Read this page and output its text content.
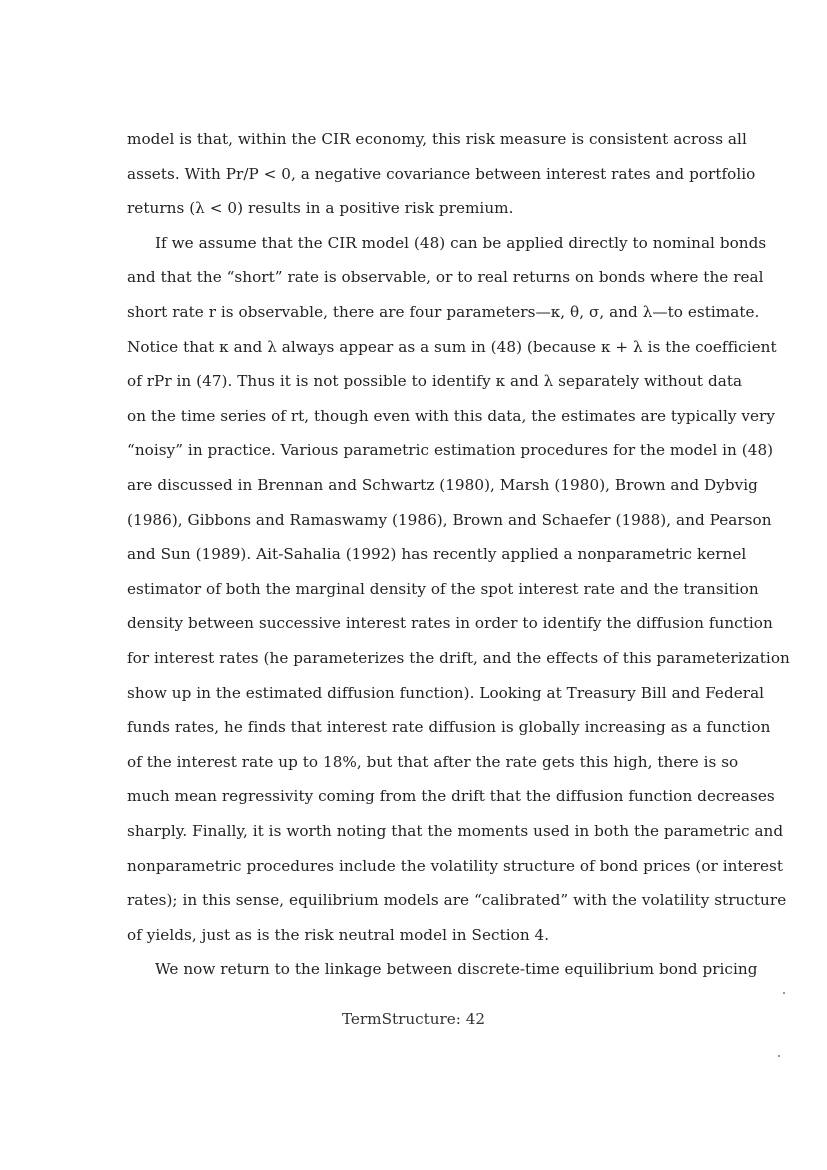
model is that, within the CIR economy, this risk measure is consistent across all
assets. With Pr/P < 0, a negative covariance between interest rates and portfolio
returns (λ < 0) results in a positive risk premium.
If we assume that the CIR model (48) can be applied directly to nominal bonds
and that the “short” rate is observable, or to real returns on bonds where the real
short rate r is observable, there are four parameters—κ, θ, σ, and λ—to estimate.
Notice that κ and λ always appear as a sum in (48) (because κ + λ is the coefficient
of rPr in (47). Thus it is not possible to identify κ and λ separately without data
on the time series of rt, though even with this data, the estimates are typically very
“noisy” in practice. Various parametric estimation procedures for the model in (48)
are discussed in Brennan and Schwartz (1980), Marsh (1980), Brown and Dybvig
(1986), Gibbons and Ramaswamy (1986), Brown and Schaefer (1988), and Pearson
and Sun (1989). Ait-Sahalia (1992) has recently applied a nonparametric kernel
estimator of both the marginal density of the spot interest rate and the transition
density between successive interest rates in order to identify the diffusion function
for interest rates (he parameterizes the drift, and the effects of this parameterization
show up in the estimated diffusion function). Looking at Treasury Bill and Federal
funds rates, he finds that interest rate diffusion is globally increasing as a function
of the interest rate up to 18%, but that after the rate gets this high, there is so
much mean regressivity coming from the drift that the diffusion function decreases
sharply. Finally, it is worth noting that the moments used in both the parametric and
nonparametric procedures include the volatility structure of bond prices (or interest
rates); in this sense, equilibrium models are “calibrated” with the volatility structure
of yields, just as is the risk neutral model in Section 4.
We now return to the linkage between discrete-time equilibrium bond pricing
TermStructure: 42
